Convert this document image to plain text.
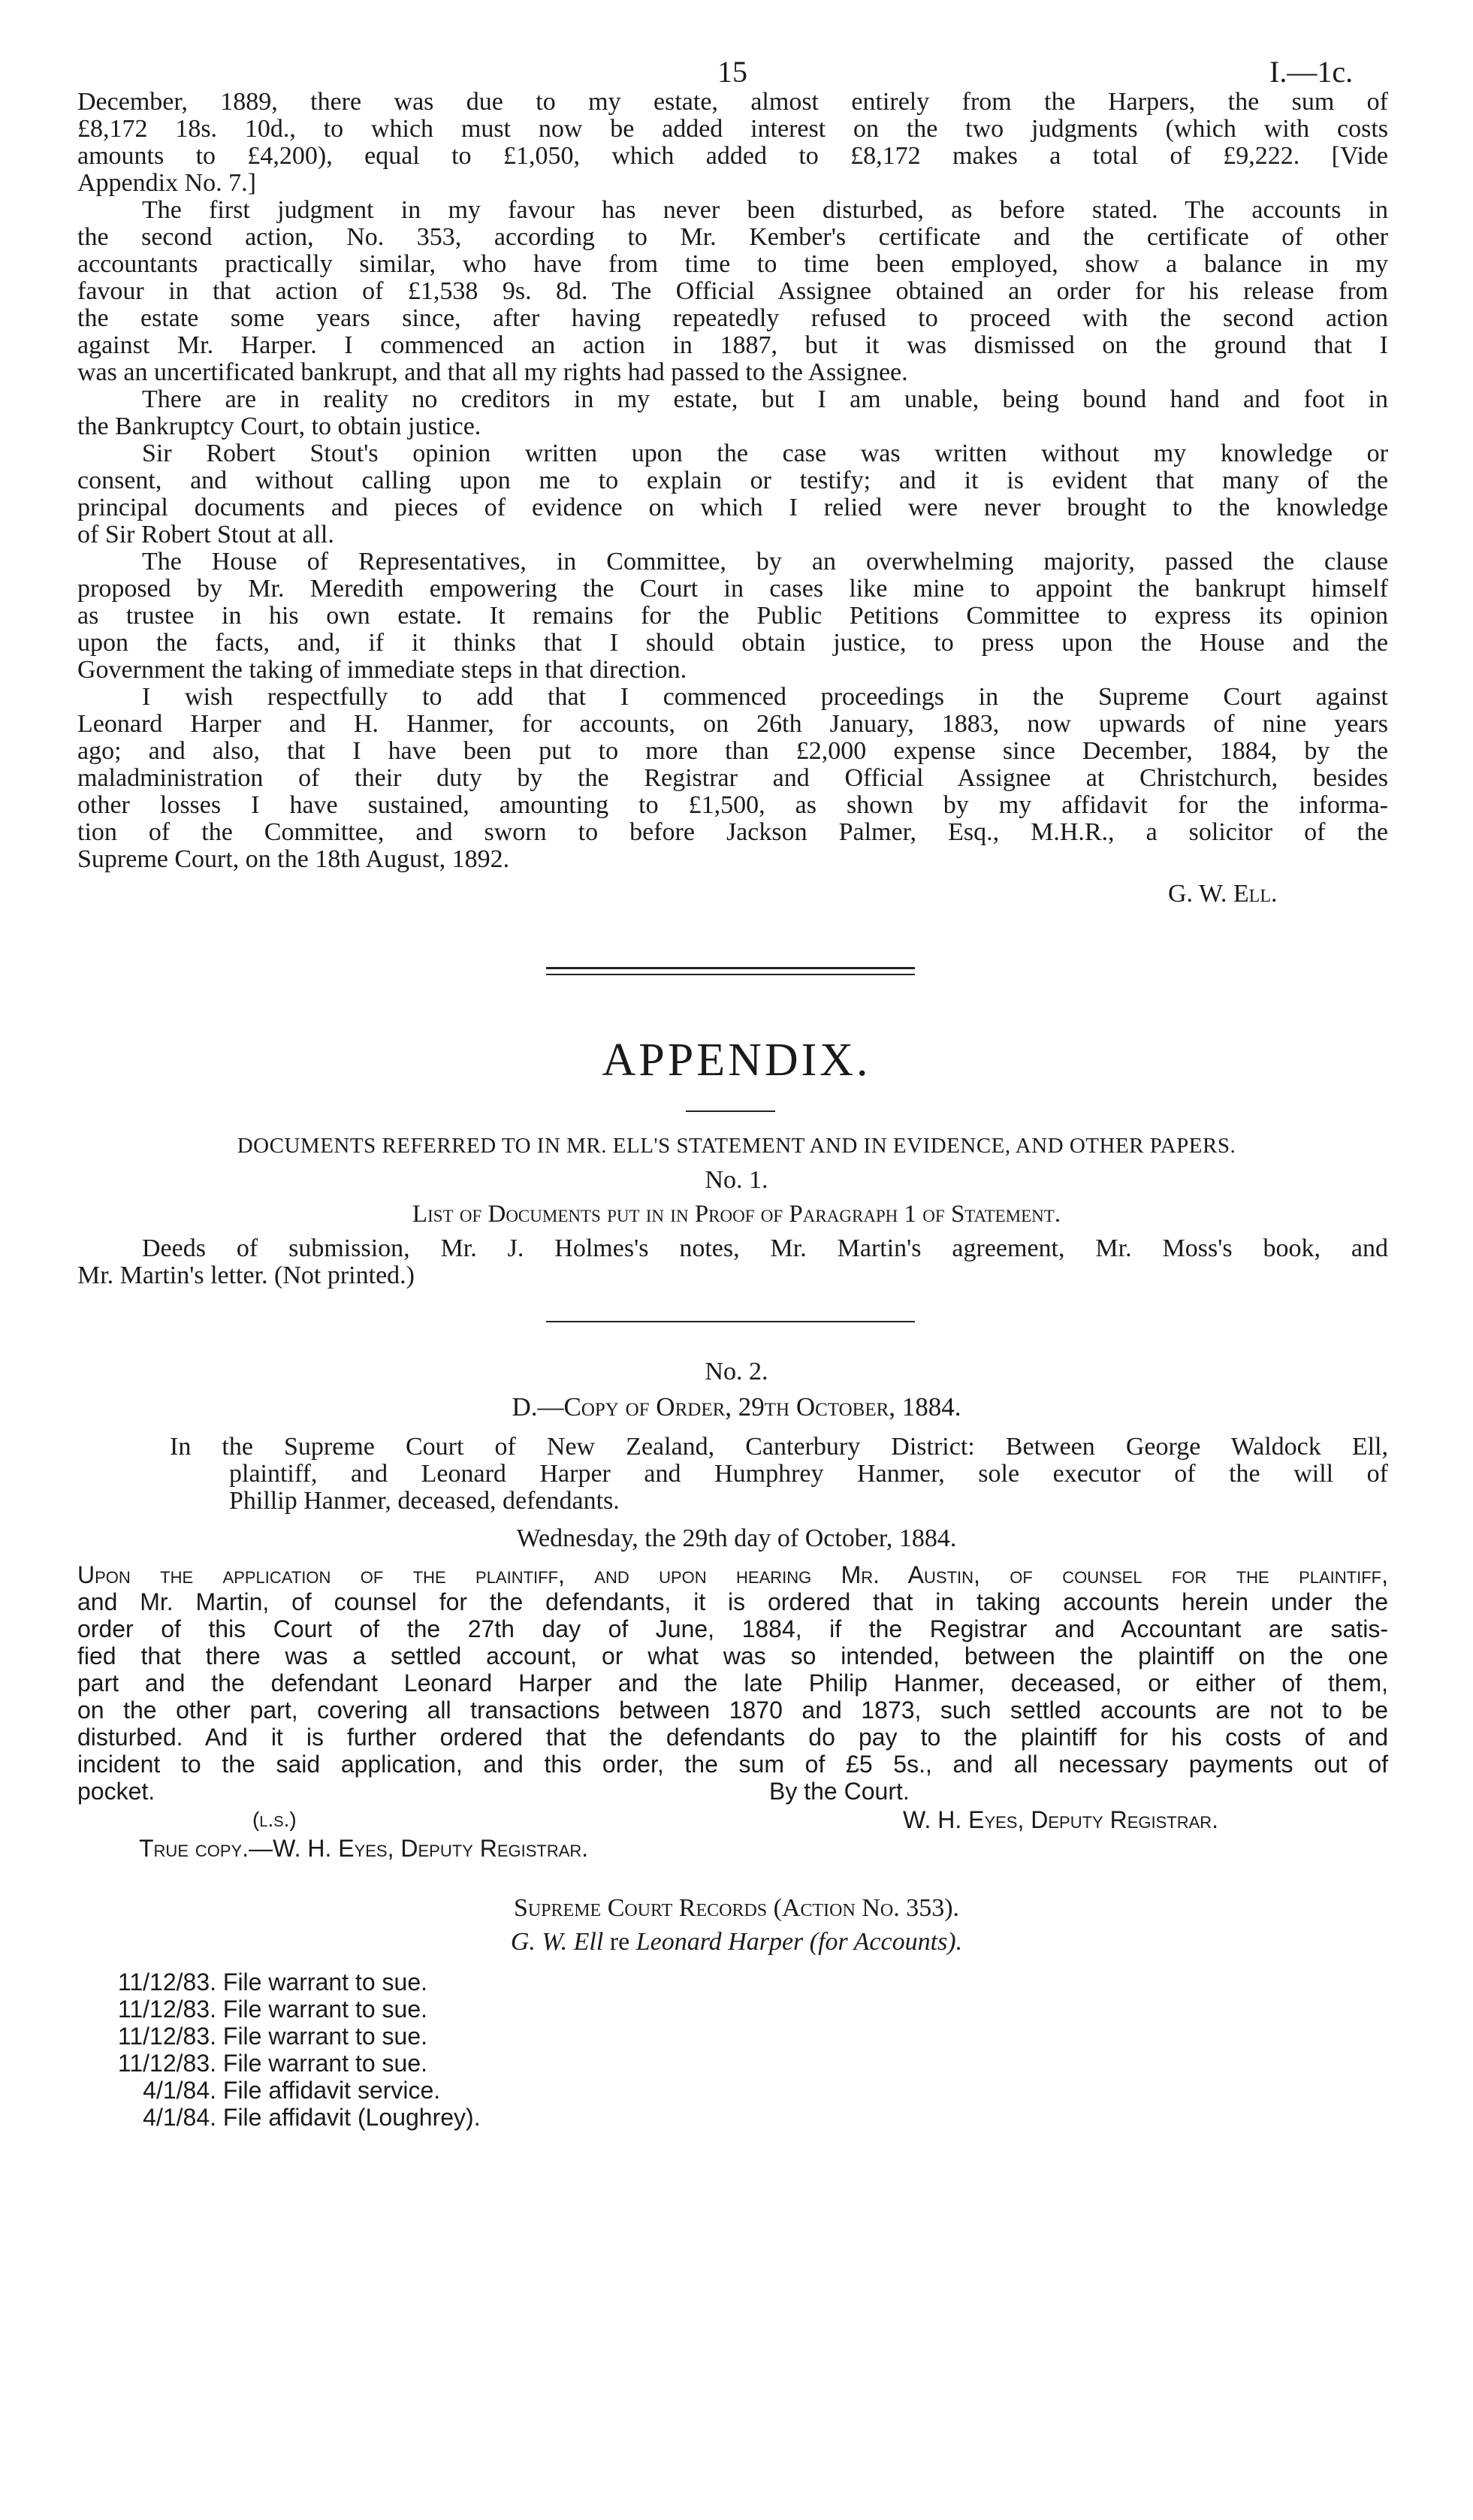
15	I.—1c.
December, 1889, there was due to my estate, almost entirely from the Harpers, the sum of
£8,172 18s. 10d., to which must now be added interest on the two judgments (which with costs
amounts to £4,200), equal to £1,050, which added to £8,172 makes a total of £9,222. [Vide
Appendix No. 7.]
The first judgment in my favour has never been disturbed, as before stated. The accounts in
the second action, No. 353, according to Mr. Kember's certificate and the certificate of other
accountants practically similar, who have from time to time been employed, show a balance in my
favour in that action of £1,538 9s. 8d. The Official Assignee obtained an order for his release from
the estate some years since, after having repeatedly refused to proceed with the second action
against Mr. Harper. I commenced an action in 1887, but it was dismissed on the ground that I
was an uncertificated bankrupt, and that all my rights had passed to the Assignee.
There are in reality no creditors in my estate, but I am unable, being bound hand and foot in
the Bankruptcy Court, to obtain justice.
Sir Robert Stout's opinion written upon the case was written without my knowledge or
consent, and without calling upon me to explain or testify; and it is evident that many of the
principal documents and pieces of evidence on which I relied were never brought to the knowledge
of Sir Robert Stout at all.
The House of Representatives, in Committee, by an overwhelming majority, passed the clause
proposed by Mr. Meredith empowering the Court in cases like mine to appoint the bankrupt himself
as trustee in his own estate. It remains for the Public Petitions Committee to express its opinion
upon the facts, and, if it thinks that I should obtain justice, to press upon the House and the
Government the taking of immediate steps in that direction.
I wish respectfully to add that I commenced proceedings in the Supreme Court against
Leonard Harper and H. Hanmer, for accounts, on 26th January, 1883, now upwards of nine years
ago; and also, that I have been put to more than £2,000 expense since December, 1884, by the
maladministration of their duty by the Registrar and Official Assignee at Christchurch, besides
other losses I have sustained, amounting to £1,500, as shown by my affidavit for the informa-
tion of the Committee, and sworn to before Jackson Palmer, Esq., M.H.R., a solicitor of the
Supreme Court, on the 18th August, 1892.
G. W. Ell.
APPENDIX.
DOCUMENTS REFERRED TO IN MR. ELL'S STATEMENT AND IN EVIDENCE, AND OTHER PAPERS.
No. 1.
List of Documents put in in Proof of Paragraph 1 of Statement.
Deeds of submission, Mr. J. Holmes's notes, Mr. Martin's agreement, Mr. Moss's book, and
Mr. Martin's letter. (Not printed.)
No. 2.
D.—Copy of Order, 29th October, 1884.
In the Supreme Court of New Zealand, Canterbury District: Between George Waldock Ell,
plaintiff, and Leonard Harper and Humphrey Hanmer, sole executor of the will of
Phillip Hanmer, deceased, defendants.
Wednesday, the 29th day of October, 1884.
Upon the application of the plaintiff, and upon hearing Mr. Austin, of counsel for the plaintiff,
and Mr. Martin, of counsel for the defendants, it is ordered that in taking accounts herein under the
order of this Court of the 27th day of June, 1884, if the Registrar and Accountant are satis-
fied that there was a settled account, or what was so intended, between the plaintiff on the one
part and the defendant Leonard Harper and the late Philip Hanmer, deceased, or either of them,
on the other part, covering all transactions between 1870 and 1873, such settled accounts are not to be
disturbed. And it is further ordered that the defendants do pay to the plaintiff for his costs of and
incident to the said application, and this order, the sum of £5 5s., and all necessary payments out of
pocket.	By the Court.
(l.s.)	W. H. Eyes, Deputy Registrar.
True copy.—W. H. Eyes, Deputy Registrar.
Supreme Court Records (Action No. 353).
G. W. Ell re Leonard Harper (for Accounts).
11/12/83. File warrant to sue.
11/12/83. File warrant to sue.
11/12/83. File warrant to sue.
11/12/83. File warrant to sue.
4/1/84. File affidavit service.
4/1/84. File affidavit (Loughrey).
